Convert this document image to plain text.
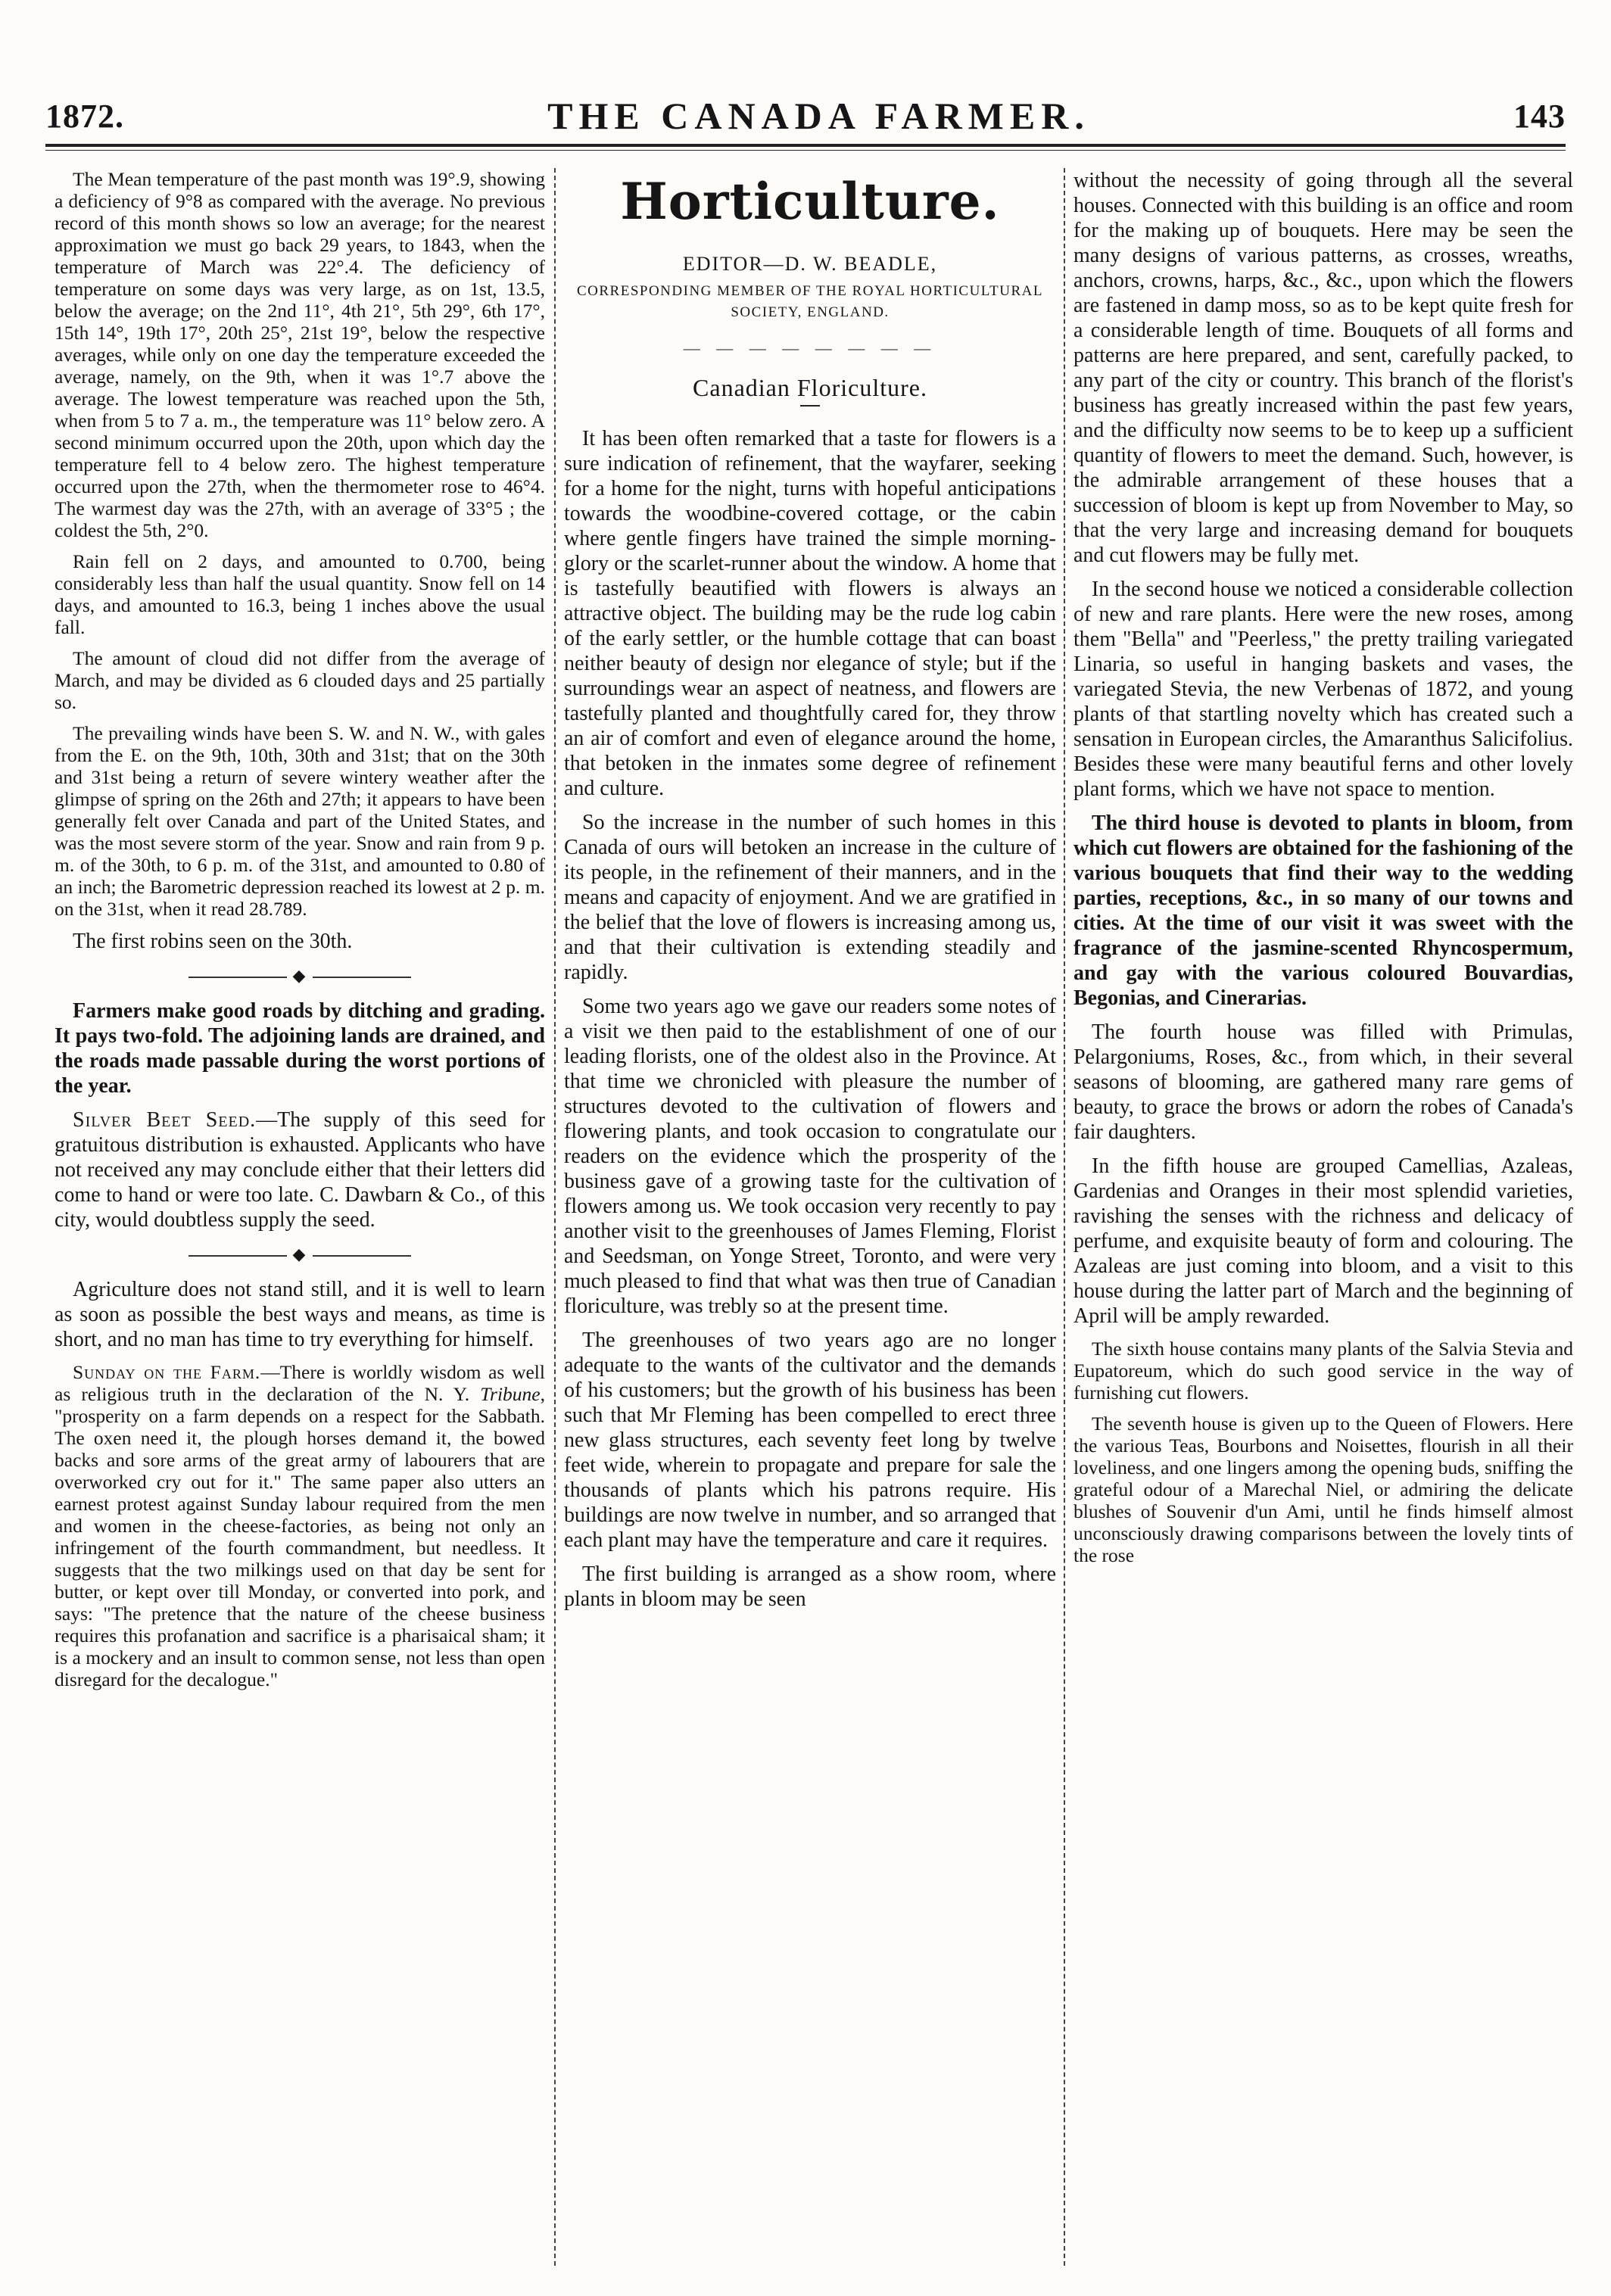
1872.	THE CANADA FARMER.	143

The Mean temperature of the past month was 19°.9, showing a deficiency of 9°8 as compared with the average. No previous record of this month shows so low an average; for the nearest approximation we must go back 29 years, to 1843, when the temperature of March was 22°.4. The deficiency of temperature on some days was very large, as on 1st, 13.5, below the average; on the 2nd 11°, 4th 21°, 5th 29°, 6th 17°, 15th 14°, 19th 17°, 20th 25°, 21st 19°, below the respective averages, while only on one day the temperature exceeded the average, namely, on the 9th, when it was 1°.7 above the average. The lowest temperature was reached upon the 5th, when from 5 to 7 a. m., the temperature was 11° below zero. A second minimum occurred upon the 20th, upon which day the temperature fell to 4 below zero. The highest temperature occurred upon the 27th, when the thermometer rose to 46°4. The warmest day was the 27th, with an average of 33°5 ; the coldest the 5th, 2°0.

Rain fell on 2 days, and amounted to 0.700, being considerably less than half the usual quantity. Snow fell on 14 days, and amounted to 16.3, being 1 inches above the usual fall.

The amount of cloud did not differ from the average of March, and may be divided as 6 clouded days and 25 partially so.

The prevailing winds have been S. W. and N. W., with gales from the E. on the 9th, 10th, 30th and 31st; that on the 30th and 31st being a return of severe wintery weather after the glimpse of spring on the 26th and 27th; it appears to have been generally felt over Canada and part of the United States, and was the most severe storm of the year. Snow and rain from 9 p. m. of the 30th, to 6 p. m. of the 31st, and amounted to 0.80 of an inch; the Barometric depression reached its lowest at 2 p. m. on the 31st, when it read 28.789.

The first robins seen on the 30th.

◆

Farmers make good roads by ditching and grading. It pays two-fold. The adjoining lands are drained, and the roads made passable during the worst portions of the year.

Silver Beet Seed.—The supply of this seed for gratuitous distribution is exhausted. Applicants who have not received any may conclude either that their letters did come to hand or were too late. C. Dawbarn & Co., of this city, would doubtless supply the seed.

◆

Agriculture does not stand still, and it is well to learn as soon as possible the best ways and means, as time is short, and no man has time to try everything for himself.

Sunday on the Farm.—There is worldly wisdom as well as religious truth in the declaration of the N. Y. Tribune, "prosperity on a farm depends on a respect for the Sabbath. The oxen need it, the plough horses demand it, the bowed backs and sore arms of the great army of labourers that are overworked cry out for it." The same paper also utters an earnest protest against Sunday labour required from the men and women in the cheese-factories, as being not only an infringement of the fourth commandment, but needless. It suggests that the two milkings used on that day be sent for butter, or kept over till Monday, or converted into pork, and says: "The pretence that the nature of the cheese business requires this profanation and sacrifice is a pharisaical sham; it is a mockery and an insult to common sense, not less than open disregard for the decalogue."

Horticulture.
EDITOR—D. W. BEADLE,
CORRESPONDING MEMBER OF THE ROYAL HORTICULTURAL SOCIETY, ENGLAND.
— — — — — — — —
Canadian Floriculture.

It has been often remarked that a taste for flowers is a sure indication of refinement, that the wayfarer, seeking for a home for the night, turns with hopeful anticipations towards the woodbine-covered cottage, or the cabin where gentle fingers have trained the simple morning-glory or the scarlet-runner about the window. A home that is tastefully beautified with flowers is always an attractive object. The building may be the rude log cabin of the early settler, or the humble cottage that can boast neither beauty of design nor elegance of style; but if the surroundings wear an aspect of neatness, and flowers are tastefully planted and thoughtfully cared for, they throw an air of comfort and even of elegance around the home, that betoken in the inmates some degree of refinement and culture.

So the increase in the number of such homes in this Canada of ours will betoken an increase in the culture of its people, in the refinement of their manners, and in the means and capacity of enjoyment. And we are gratified in the belief that the love of flowers is increasing among us, and that their cultivation is extending steadily and rapidly.

Some two years ago we gave our readers some notes of a visit we then paid to the establishment of one of our leading florists, one of the oldest also in the Province. At that time we chronicled with pleasure the number of structures devoted to the cultivation of flowers and flowering plants, and took occasion to congratulate our readers on the evidence which the prosperity of the business gave of a growing taste for the cultivation of flowers among us. We took occasion very recently to pay another visit to the greenhouses of James Fleming, Florist and Seedsman, on Yonge Street, Toronto, and were very much pleased to find that what was then true of Canadian floriculture, was trebly so at the present time.

The greenhouses of two years ago are no longer adequate to the wants of the cultivator and the demands of his customers; but the growth of his business has been such that Mr Fleming has been compelled to erect three new glass structures, each seventy feet long by twelve feet wide, wherein to propagate and prepare for sale the thousands of plants which his patrons require. His buildings are now twelve in number, and so arranged that each plant may have the temperature and care it requires.

The first building is arranged as a show room, where plants in bloom may be seen

without the necessity of going through all the several houses. Connected with this building is an office and room for the making up of bouquets. Here may be seen the many designs of various patterns, as crosses, wreaths, anchors, crowns, harps, &c., &c., upon which the flowers are fastened in damp moss, so as to be kept quite fresh for a considerable length of time. Bouquets of all forms and patterns are here prepared, and sent, carefully packed, to any part of the city or country. This branch of the florist's business has greatly increased within the past few years, and the difficulty now seems to be to keep up a sufficient quantity of flowers to meet the demand. Such, however, is the admirable arrangement of these houses that a succession of bloom is kept up from November to May, so that the very large and increasing demand for bouquets and cut flowers may be fully met.

In the second house we noticed a considerable collection of new and rare plants. Here were the new roses, among them "Bella" and "Peerless," the pretty trailing variegated Linaria, so useful in hanging baskets and vases, the variegated Stevia, the new Verbenas of 1872, and young plants of that startling novelty which has created such a sensation in European circles, the Amaranthus Salicifolius. Besides these were many beautiful ferns and other lovely plant forms, which we have not space to mention.

The third house is devoted to plants in bloom, from which cut flowers are obtained for the fashioning of the various bouquets that find their way to the wedding parties, receptions, &c., in so many of our towns and cities. At the time of our visit it was sweet with the fragrance of the jasmine-scented Rhyncospermum, and gay with the various coloured Bouvardias, Begonias, and Cinerarias.

The fourth house was filled with Primulas, Pelargoniums, Roses, &c., from which, in their several seasons of blooming, are gathered many rare gems of beauty, to grace the brows or adorn the robes of Canada's fair daughters.

In the fifth house are grouped Camellias, Azaleas, Gardenias and Oranges in their most splendid varieties, ravishing the senses with the richness and delicacy of perfume, and exquisite beauty of form and colouring. The Azaleas are just coming into bloom, and a visit to this house during the latter part of March and the beginning of April will be amply rewarded.

The sixth house contains many plants of the Salvia Stevia and Eupatoreum, which do such good service in the way of furnishing cut flowers.

The seventh house is given up to the Queen of Flowers. Here the various Teas, Bourbons and Noisettes, flourish in all their loveliness, and one lingers among the opening buds, sniffing the grateful odour of a Marechal Niel, or admiring the delicate blushes of Souvenir d'un Ami, until he finds himself almost unconsciously drawing comparisons between the lovely tints of the rose
